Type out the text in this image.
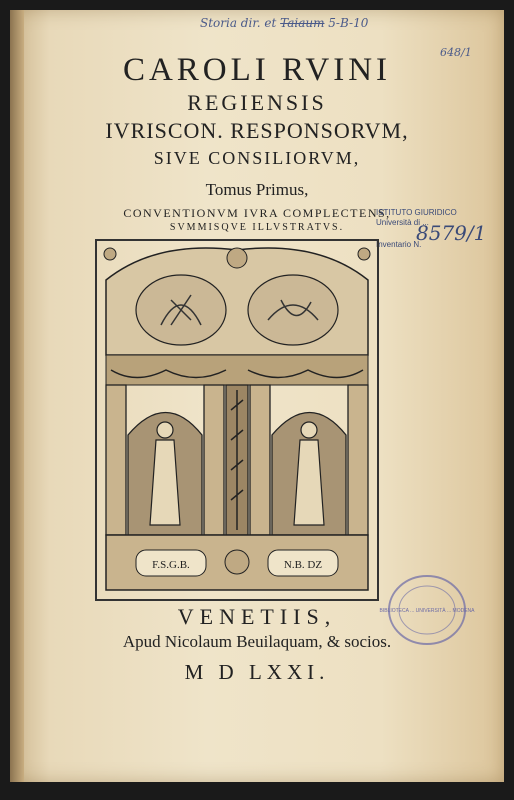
Storia dir. et Taiaum 5-B-10
648/1
CAROLI RVINI
REGIENSIS
IVRISCON. RESPONSORVM,
SIVE CONSILIORVM,
Tomus Primus,
CONVENTIONVM IVRA COMPLECTENS,
SVMMISQVE ILLVSTRATVS.
ISTITUTO GIURIDICO
Università di ...
Inventario N.
8579/1
F.S.G.B.	N.B. DZ
VENETIIS,
Apud Nicolaum Beuilaquam, & socios.
M D LXXI.
BIBLIOTECA ... UNIVERSITÀ ... MODENA
